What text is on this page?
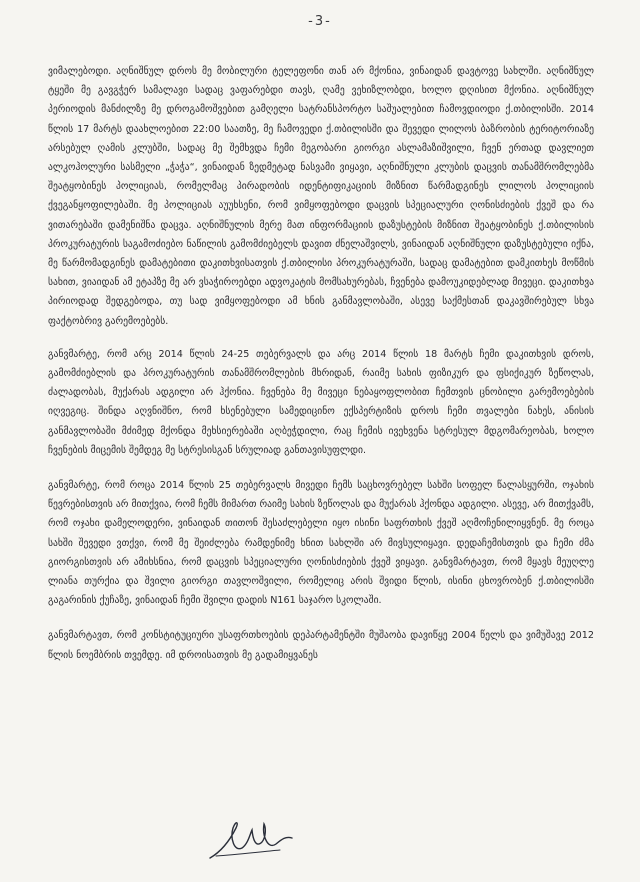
-3-

ვიმალებოდი. აღნიშნულ დროს მე მობილური ტელეფონი თან არ მქონია, ვინაიდან დავტოვე სახლში. აღნიშნულ ტყეში მე გავგჭერ სამალავი სადაც ვაფარებდი თავს, ღამე ვეხიზლობდი, ხოლო დღისით მქონია. აღნიშნულ პერიოდის მანძილზე მე დროგამოშვებით გამღელი სატრანსპორტო საშუალებით ჩამოვდიოდი ქ.თბილისში. 2014 წლის 17 მარტს დაახლოებით 22:00 საათზე, მე ჩამოვედი ქ.თბილისში და შევედი ლილოს ბაზრობის ტერიტორიაზე არსებულ ღამის კლუბში, სადაც მე შემხვდა ჩემი მეგობარი გიორგი ასლამაზიშვილი, ჩვენ ერთად დავლიეთ ალკოჰოლური სასმელი „ჭაჭა“, ვინაიდან ზედმეტად ნასვამი ვიყავი, აღნიშნული კლუბის დაცვის თანამშრომლებმა შეატყობინეს პოლიციას, რომელმაც პირადობის იდენტიფიკაციის მიზნით წარმადგინეს ლილოს პოლიციის ქვეგანყოფილებაში. მე პოლიციას აუუხსენი, რომ ვიმყოფებოდი დაცვის სპეციალური ღონისძიების ქვეშ და რა ვითარებაში დამენიშნა დაცვა. აღნიშნულის მერე მათ ინფორმაციის დაზუსტების მიზნით შეატყობინეს ქ.თბილისის პროკურატურის საგამოძიებო ნაწილის გამომძიებელს დავით ძნელაშვილს, ვინაიდან აღნიშნული დაზუსტებული იქნა, მე წარმომადგინეს დამატებითი დაკითხვისათვის ქ.თბილისი პროკურატურაში, სადაც დამატებით დამკითხეს მოწმის სახით, ვიაიდან ამ ეტაპზე მე არ ვსაჭიროებდი ადვოკატის მომსახურებას, ჩვენება დამოუკიდებლად მივეცი. დაკითხვა პირიოდად შედგებოდა, თუ სად ვიმყოფებოდი ამ ხნის განმავლობაში, ასევე საქმესთან დაკავშირებულ სხვა ფაქტობრივ გარემოებებს.

განვმარტე, რომ არც 2014 წლის 24-25 თებერვალს და არც 2014 წლის 18 მარტს ჩემი დაკითხვის დროს, გამომძიებლის და პროკურატურის თანამშრომლების მხრიდან, რაიმე სახის ფიზიკურ და ფსიქიკურ ზეწოლას, ძალადობას, მუქარას ადგილი არ ჰქონია. ჩვენება მე მივეცი ნებაყოფლობით ჩემთვის ცნობილი გარემოებების იღვეგიც. შინდა აღვნიშნო, რომ ხსენებული სამედიცინო ექსპერტიზის დროს ჩემი თვალები ნახეს, ანისის განმავლობაში მძიმედ მქონდა მეხსიერებაში აღბეჭდილი, რაც ჩემის ივეხვენა სტრესულ მდგომარეობას, ხოლო ჩვენების მიცემის შემდეგ მე სტრესისგან სრულიად განთავისუფლდი.

განვმარტე, რომ როცა 2014 წლის 25 თებერვალს მივედი ჩემს საცხოვრებელ სახში სოფელ წალასყურში, ოჯახის წევრებისთვის არ მითქვია, რომ ჩემს მიმართ რაიმე სახის ზეწოლას და მუქარას ჰქონდა ადგილი. ასევე, არ მითქვამს, რომ ოჯახი დამელოდერი, ვინაიდან თითონ შესაძლებელი იყო ისინი საფრთხის ქვეშ აღმოჩენილიყვნენ. მე როცა სახში შევედი ვთქვი, რომ მე შეიძლება რამდენიმე ხნით სახლში არ მივსულიყავი. დედაჩემისთვის და ჩემი ძმა გიორგისთვის არ ამიხსნია, რომ დაცვის სპეციალური ღონისძიების ქვეშ ვიყავი. განვმარტავთ, რომ მყავს მეუღლე ლიანა თურქია და შვილი გიორგი თავლოშვილი, რომელიც არის შვიდი წლის, ისინი ცხოვრობენ ქ.თბილისში გაგარინის ქუჩაზე, ვინაიდან ჩემი შვილი დადის N161 საჯარო სკოლაში.

განვმარტავთ, რომ კონსტიტუციური უსაფრთხოების დეპარტამენტში მუშაობა დავიწყე 2004 წელს და ვიმუშავე 2012 წლის ნოემბრის თვემდე. იმ დროისათვის მე გადამიყვანეს
